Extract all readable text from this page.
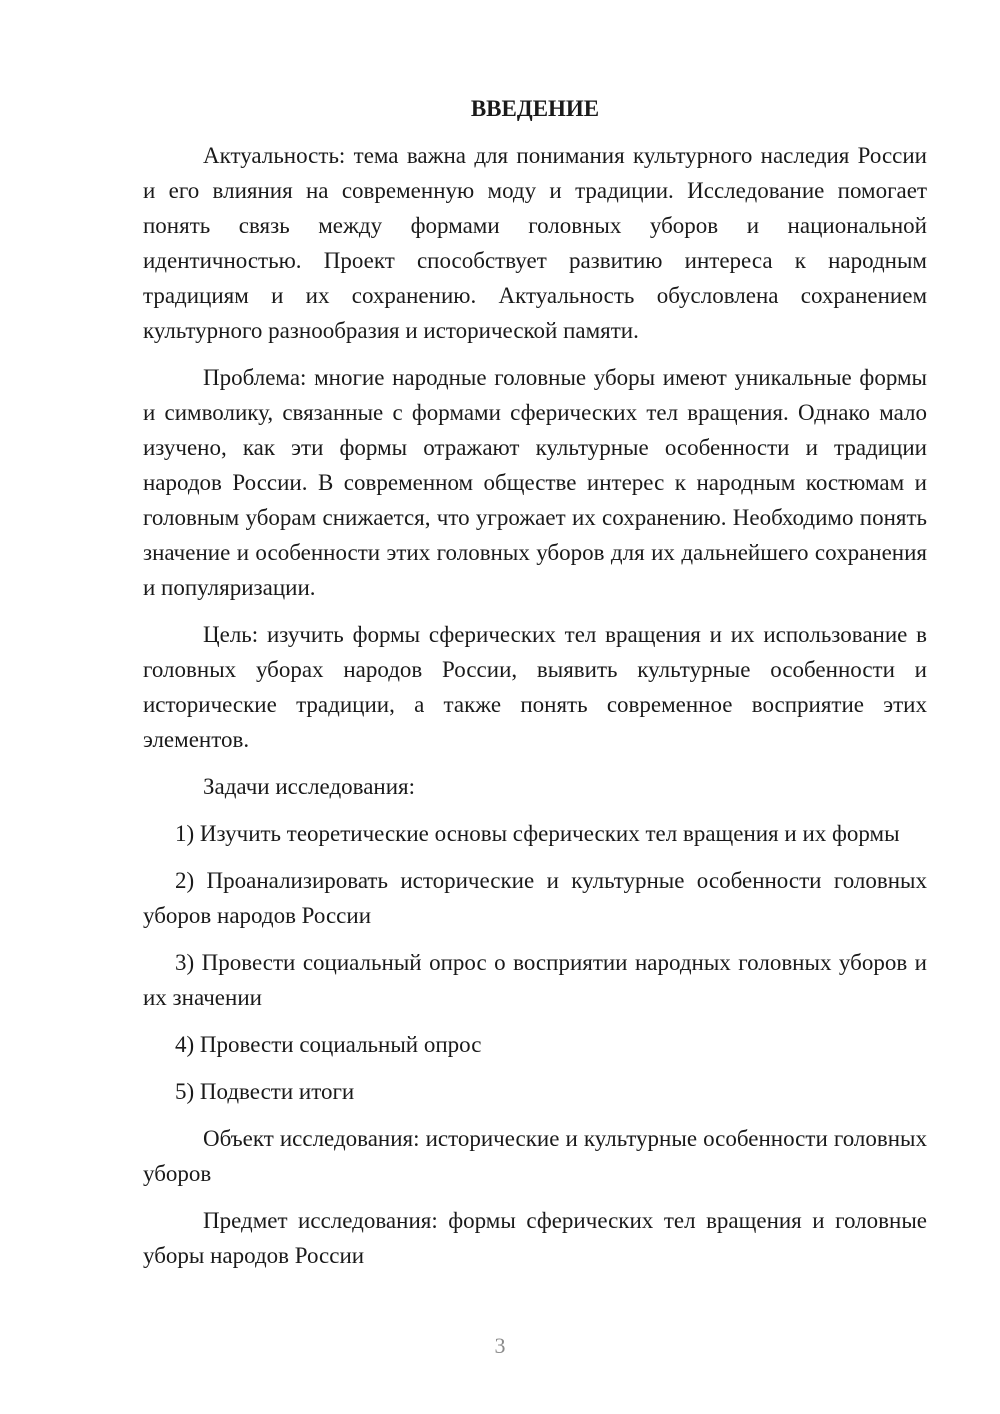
ВВЕДЕНИЕ

Актуальность: тема важна для понимания культурного наследия России и его влияния на современную моду и традиции. Исследование помогает понять связь между формами головных уборов и национальной идентичностью. Проект способствует развитию интереса к народным традициям и их сохранению. Актуальность обусловлена сохранением культурного разнообразия и исторической памяти.

Проблема: многие народные головные уборы имеют уникальные формы и символику, связанные с формами сферических тел вращения. Однако мало изучено, как эти формы отражают культурные особенности и традиции народов России. В современном обществе интерес к народным костюмам и головным уборам снижается, что угрожает их сохранению. Необходимо понять значение и особенности этих головных уборов для их дальнейшего сохранения и популяризации.

Цель: изучить формы сферических тел вращения и их использование в головных уборах народов России, выявить культурные особенности и исторические традиции, а также понять современное восприятие этих элементов.

Задачи исследования:

1) Изучить теоретические основы сферических тел вращения и их формы

2) Проанализировать исторические и культурные особенности головных уборов народов России

3) Провести социальный опрос о восприятии народных головных уборов и их значении

4) Провести социальный опрос

5) Подвести итоги

Объект исследования: исторические и культурные особенности головных уборов

Предмет исследования: формы сферических тел вращения и головные уборы народов России

3
